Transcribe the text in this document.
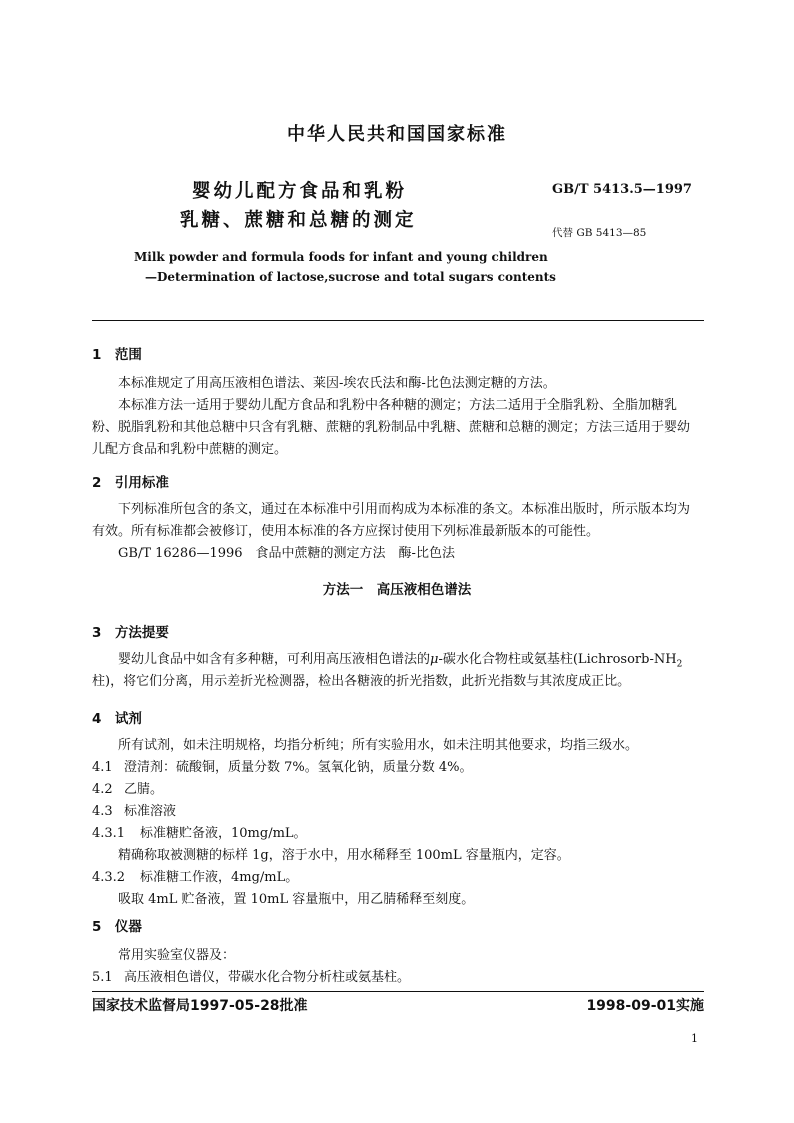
中华人民共和国国家标准
婴幼儿配方食品和乳粉
乳糖、蔗糖和总糖的测定
GB/T 5413.5—1997
代替 GB 5413—85
Milk powder and formula foods for infant and young children
—Determination of lactose,sucrose and total sugars contents
1　范围
本标准规定了用高压液相色谱法、莱因-埃农氏法和酶-比色法测定糖的方法。
本标准方法一适用于婴幼儿配方食品和乳粉中各种糖的测定；方法二适用于全脂乳粉、全脂加糖乳粉、脱脂乳粉和其他总糖中只含有乳糖、蔗糖的乳粉制品中乳糖、蔗糖和总糖的测定；方法三适用于婴幼儿配方食品和乳粉中蔗糖的测定。
2　引用标准
下列标准所包含的条文，通过在本标准中引用而构成为本标准的条文。本标准出版时，所示版本均为有效。所有标准都会被修订，使用本标准的各方应探讨使用下列标准最新版本的可能性。
GB/T 16286—1996　食品中蔗糖的测定方法　酶-比色法
方法一　高压液相色谱法
3　方法提要
婴幼儿食品中如含有多种糖，可利用高压液相色谱法的μ-碳水化合物柱或氨基柱($Lichrosorb-NH_2$
柱)，将它们分离，用示差折光检测器，检出各糖液的折光指数，此折光指数与其浓度成正比。
4　试剂
所有试剂，如未注明规格，均指分析纯；所有实验用水，如未注明其他要求，均指三级水。
4.1 澄清剂：硫酸铜，质量分数 7%。氢氧化钠，质量分数 4%。
4.2 乙腈。
4.3 标准溶液
4.3.1 标准糖贮备液，10mg/mL。
精确称取被测糖的标样 1g，溶于水中，用水稀释至 100mL 容量瓶内，定容。
4.3.2 标准糖工作液，4mg/mL。
吸取 4mL 贮备液，置 10mL 容量瓶中，用乙腈稀释至刻度。
5　仪器
常用实验室仪器及：
5.1 高压液相色谱仪，带碳水化合物分析柱或氨基柱。
国家技术监督局1997-05-28批准	1998-09-01实施
1
